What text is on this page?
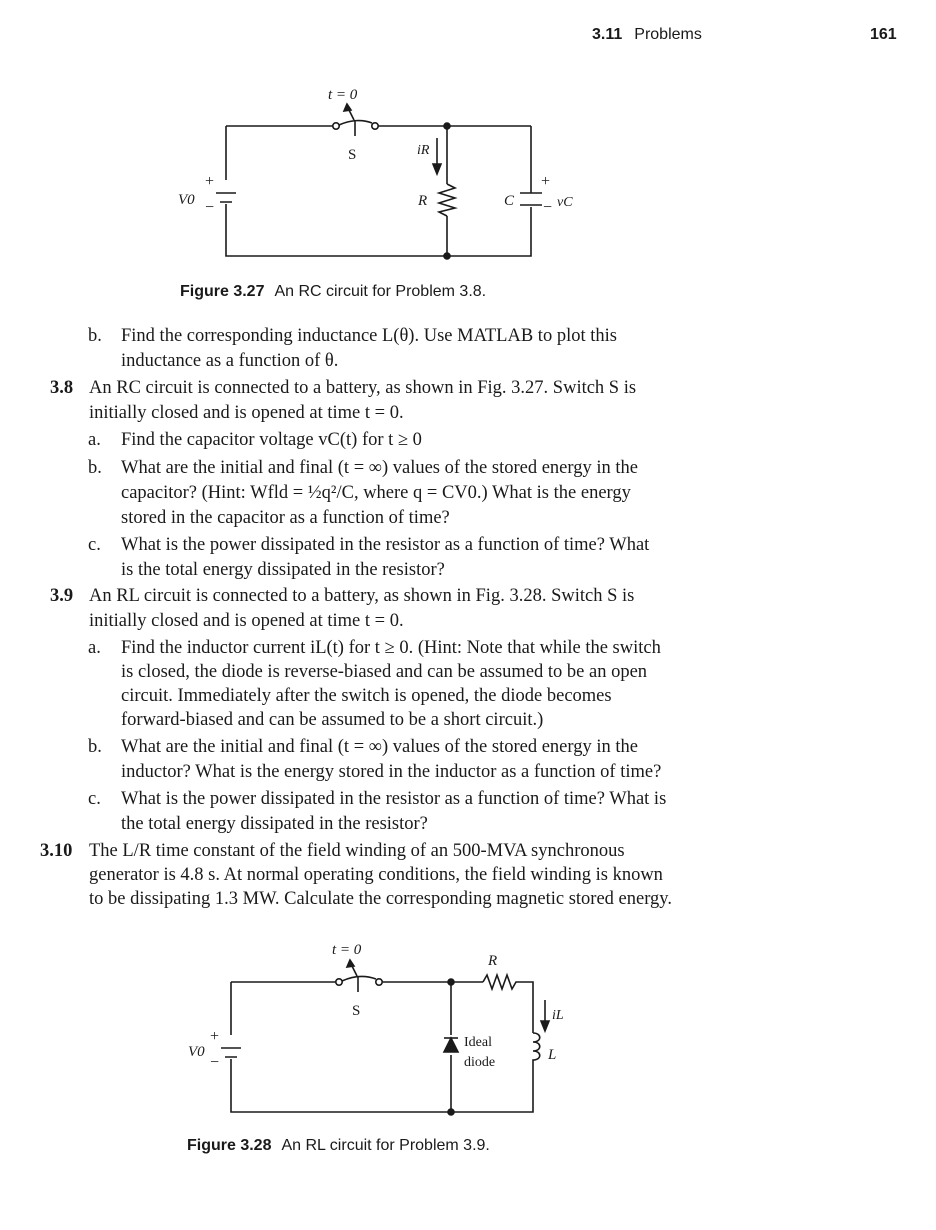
3.11 Problems	161
t = 0
S	iR
R	C	vC
+
−
V0
+
−
Figure 3.27 An RC circuit for Problem 3.8.
b. Find the corresponding inductance L(θ). Use MATLAB to plot this
inductance as a function of θ.
3.8 An RC circuit is connected to a battery, as shown in Fig. 3.27. Switch S is
initially closed and is opened at time t = 0.
a. Find the capacitor voltage vC(t) for t ≥ 0
b. What are the initial and final (t = ∞) values of the stored energy in the
capacitor? (Hint: Wfld = ½q²/C, where q = CV0.) What is the energy
stored in the capacitor as a function of time?
c. What is the power dissipated in the resistor as a function of time? What
is the total energy dissipated in the resistor?
3.9 An RL circuit is connected to a battery, as shown in Fig. 3.28. Switch S is
initially closed and is opened at time t = 0.
a. Find the inductor current iL(t) for t ≥ 0. (Hint: Note that while the switch
is closed, the diode is reverse-biased and can be assumed to be an open
circuit. Immediately after the switch is opened, the diode becomes
forward-biased and can be assumed to be a short circuit.)
b. What are the initial and final (t = ∞) values of the stored energy in the
inductor? What is the energy stored in the inductor as a function of time?
c. What is the power dissipated in the resistor as a function of time? What is
the total energy dissipated in the resistor?
3.10 The L/R time constant of the field winding of an 500-MVA synchronous
generator is 4.8 s. At normal operating conditions, the field winding is known
to be dissipating 1.3 MW. Calculate the corresponding magnetic stored energy.
t = 0
S
R
iL
L
Ideal
diode
V0
+
−
Figure 3.28 An RL circuit for Problem 3.9.
